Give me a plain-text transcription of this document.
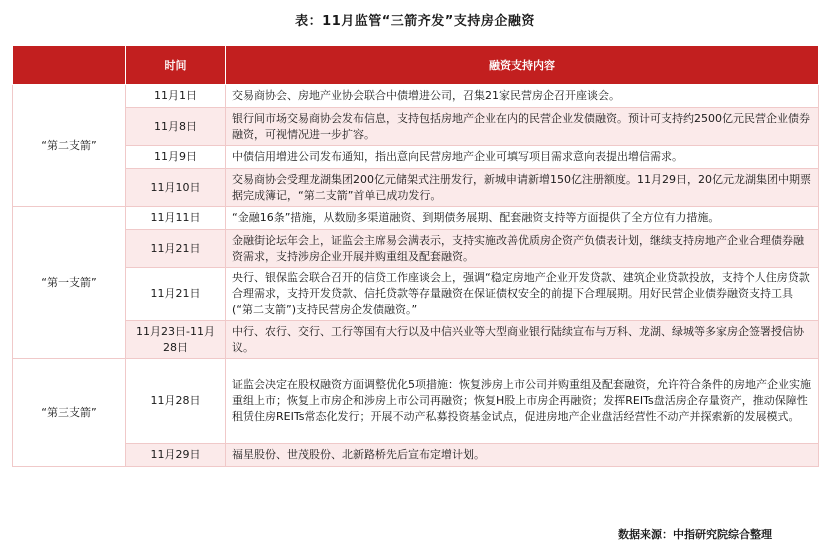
表：11月监管“三箭齐发”支持房企融资
	时间	融资支持内容
“第二支箭”	11月1日	交易商协会、房地产业协会联合中债增进公司，召集21家民营房企召开座谈会。
	11月8日	银行间市场交易商协会发布信息，支持包括房地产企业在内的民营企业发债融资。预计可支持约2500亿元民营企业债券融资，可视情况进一步扩容。
	11月9日	中债信用增进公司发布通知，指出意向民营房地产企业可填写项目需求意向表提出增信需求。
	11月10日	交易商协会受理龙湖集团200亿元储架式注册发行，新城申请新增150亿注册额度。11月29日，20亿元龙湖集团中期票据完成簿记，“第二支箭”首单已成功发行。
“第一支箭”	11月11日	“金融16条”措施，从数励多渠道融资、到期债务展期、配套融资支持等方面提供了全方位有力措施。
	11月21日	金融街论坛年会上，证监会主席易会满表示，支持实施改善优质房企资产负债表计划，继续支持房地产企业合理债券融资需求，支持涉房企业开展并购重组及配套融资。
	11月21日	央行、银保监会联合召开的信贷工作座谈会上，强调“稳定房地产企业开发贷款、建筑企业贷款投放，支持个人住房贷款合理需求，支持开发贷款、信托贷款等存量融资在保证债权安全的前提下合理展期。用好民营企业债券融资支持工具(“第二支箭”)支持民营房企发债融资。”
	11月23日-11月28日	中行、农行、交行、工行等国有大行以及中信兴业等大型商业银行陆续宣布与万科、龙湖、绿城等多家房企签署授信协议。
“第三支箭”	11月28日	证监会决定在股权融资方面调整优化5项措施：恢复涉房上市公司并购重组及配套融资，允许符合条件的房地产企业实施重组上市；恢复上市房企和涉房上市公司再融资；恢复H股上市房企再融资；发挥REITs盘活房企存量资产，推动保障性租赁住房REITs常态化发行；开展不动产私募投资基金试点，促进房地产企业盘活经营性不动产并探索新的发展模式。
	11月29日	福星股份、世茂股份、北新路桥先后宣布定增计划。
数据来源：中指研究院综合整理
